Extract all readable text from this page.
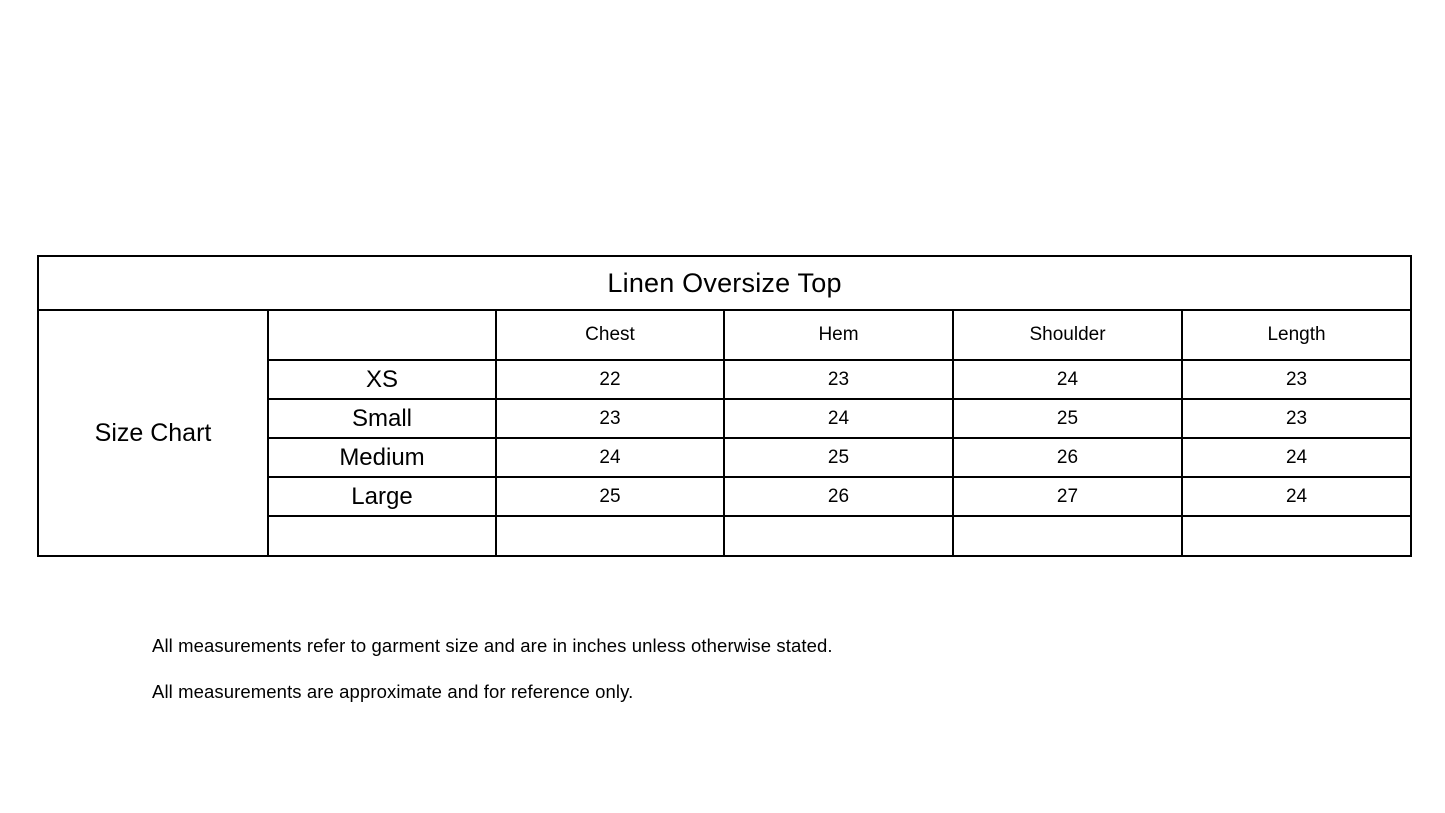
Linen Oversize Top					
Size Chart		Chest	Hem	Shoulder	Length
	XS	22	23	24	23
	Small	23	24	25	23
	Medium	24	25	26	24
	Large	25	26	27	24

All measurements refer to garment size and are in inches unless otherwise stated.

All measurements are approximate and for reference only.
